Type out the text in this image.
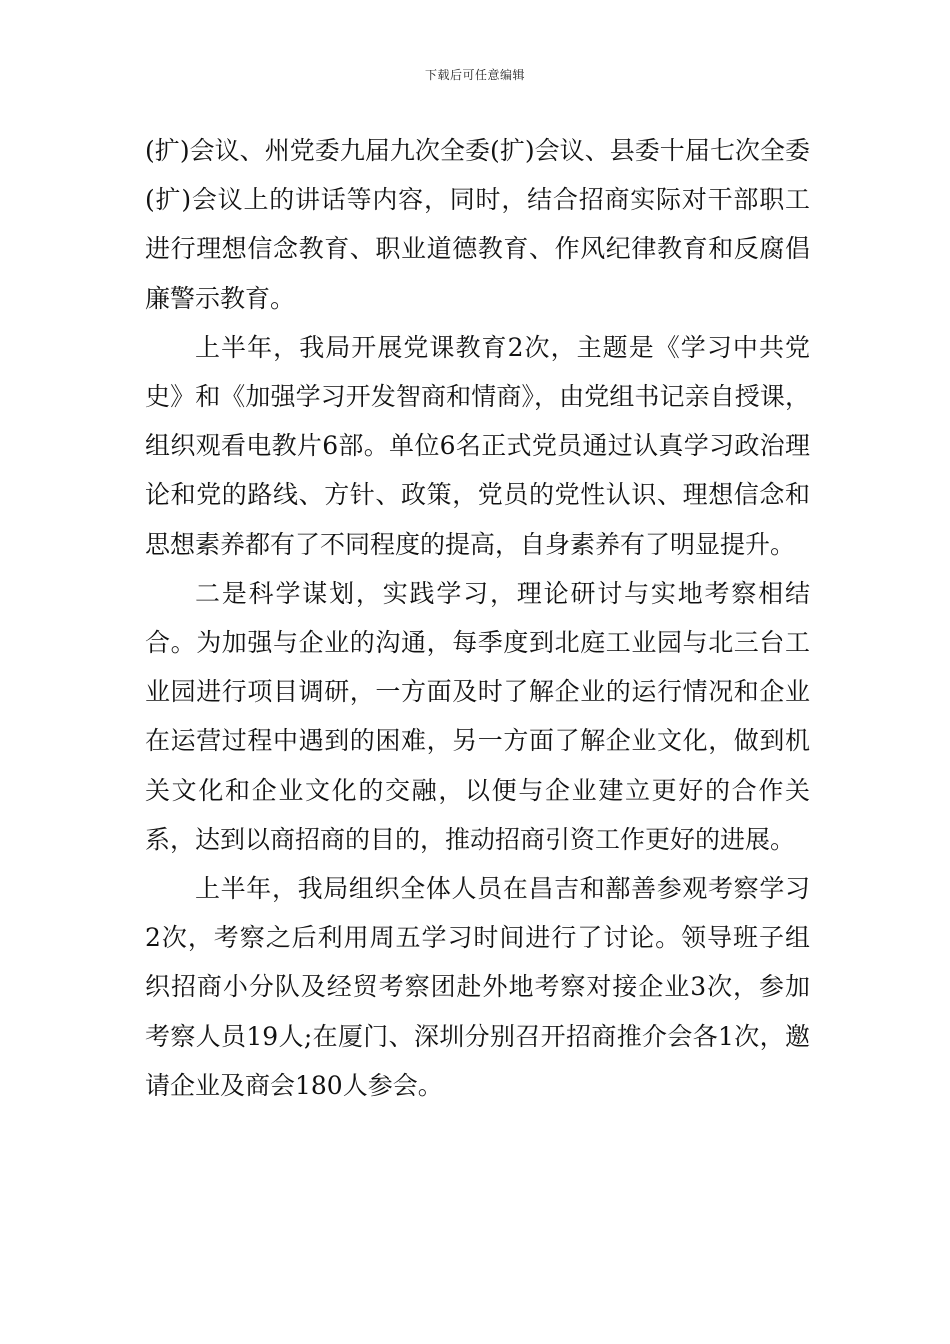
下载后可任意编辑

(扩)会议、州党委九届九次全委(扩)会议、县委十届七次全委(扩)会议上的讲话等内容，同时，结合招商实际对干部职工进行理想信念教育、职业道德教育、作风纪律教育和反腐倡廉警示教育。

上半年，我局开展党课教育2次，主题是《学习中共党史》和《加强学习开发智商和情商》，由党组书记亲自授课，组织观看电教片6部。单位6名正式党员通过认真学习政治理论和党的路线、方针、政策，党员的党性认识、理想信念和思想素养都有了不同程度的提高，自身素养有了明显提升。

二是科学谋划，实践学习，理论研讨与实地考察相结合。为加强与企业的沟通，每季度到北庭工业园与北三台工业园进行项目调研，一方面及时了解企业的运行情况和企业在运营过程中遇到的困难，另一方面了解企业文化，做到机关文化和企业文化的交融，以便与企业建立更好的合作关系，达到以商招商的目的，推动招商引资工作更好的进展。

上半年，我局组织全体人员在昌吉和鄯善参观考察学习2次，考察之后利用周五学习时间进行了讨论。领导班子组织招商小分队及经贸考察团赴外地考察对接企业3次，参加考察人员19人;在厦门、深圳分别召开招商推介会各1次，邀请企业及商会180人参会。
